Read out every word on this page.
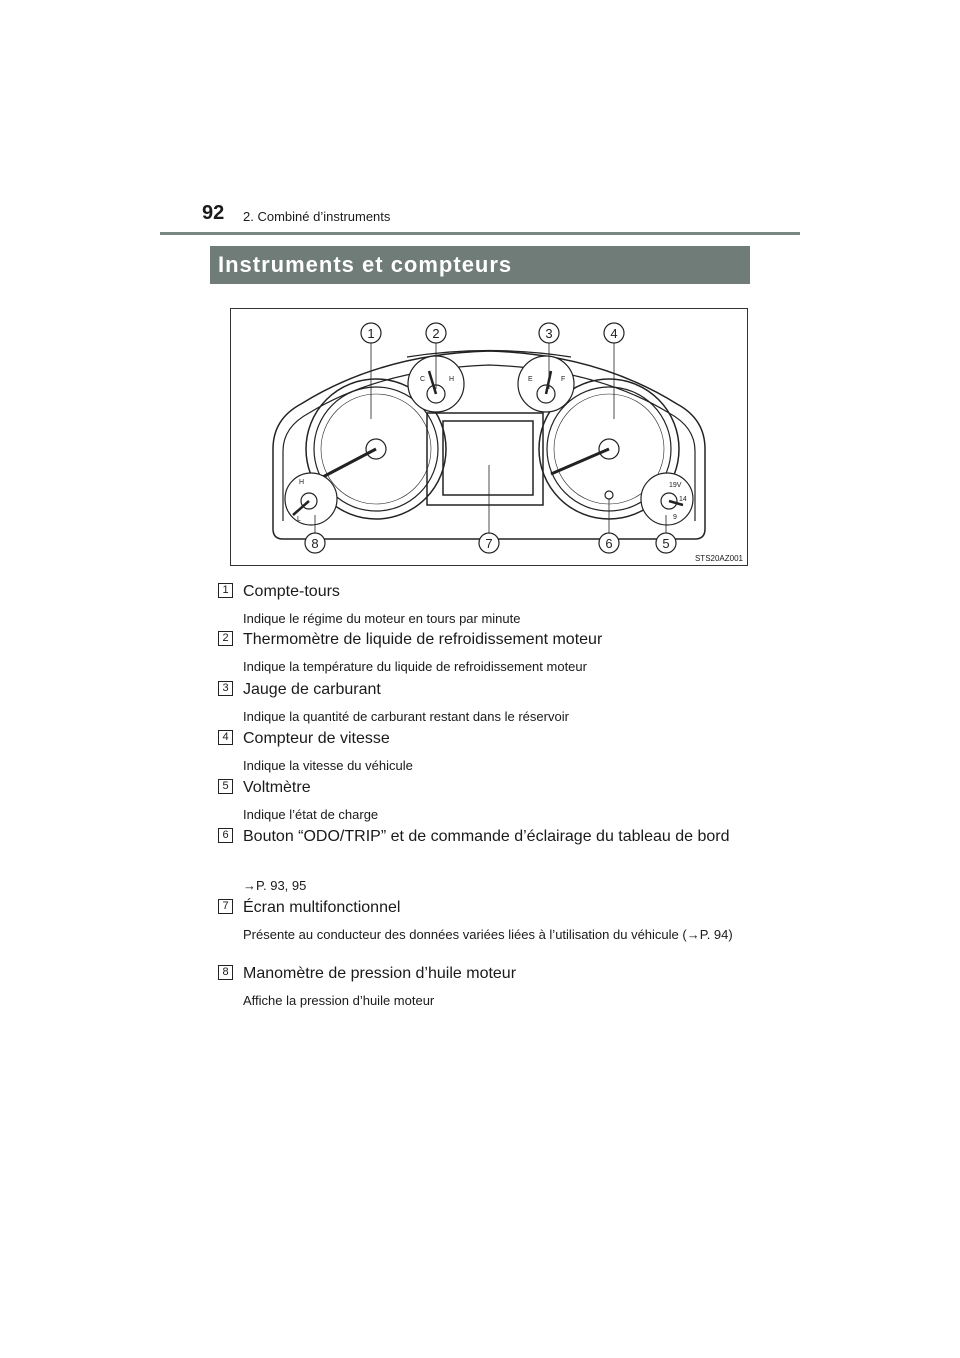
92 2. Combiné d’instruments
Instruments et compteurs
C	H	E	F
H
L
19V
14
9
1	2	3	4
5
6
7
8
STS20AZ001
1 Compte-tours
Indique le régime du moteur en tours par minute
2 Thermomètre de liquide de refroidissement moteur
Indique la température du liquide de refroidissement moteur
3 Jauge de carburant
Indique la quantité de carburant restant dans le réservoir
4 Compteur de vitesse
Indique la vitesse du véhicule
5 Voltmètre
Indique l’état de charge
6 Bouton “ODO/TRIP” et de commande d’éclairage du tableau de bord
→P. 93, 95
7 Écran multifonctionnel
Présente au conducteur des données variées liées à l’utilisation du véhicule (→P. 94)
8 Manomètre de pression d’huile moteur
Affiche la pression d’huile moteur
